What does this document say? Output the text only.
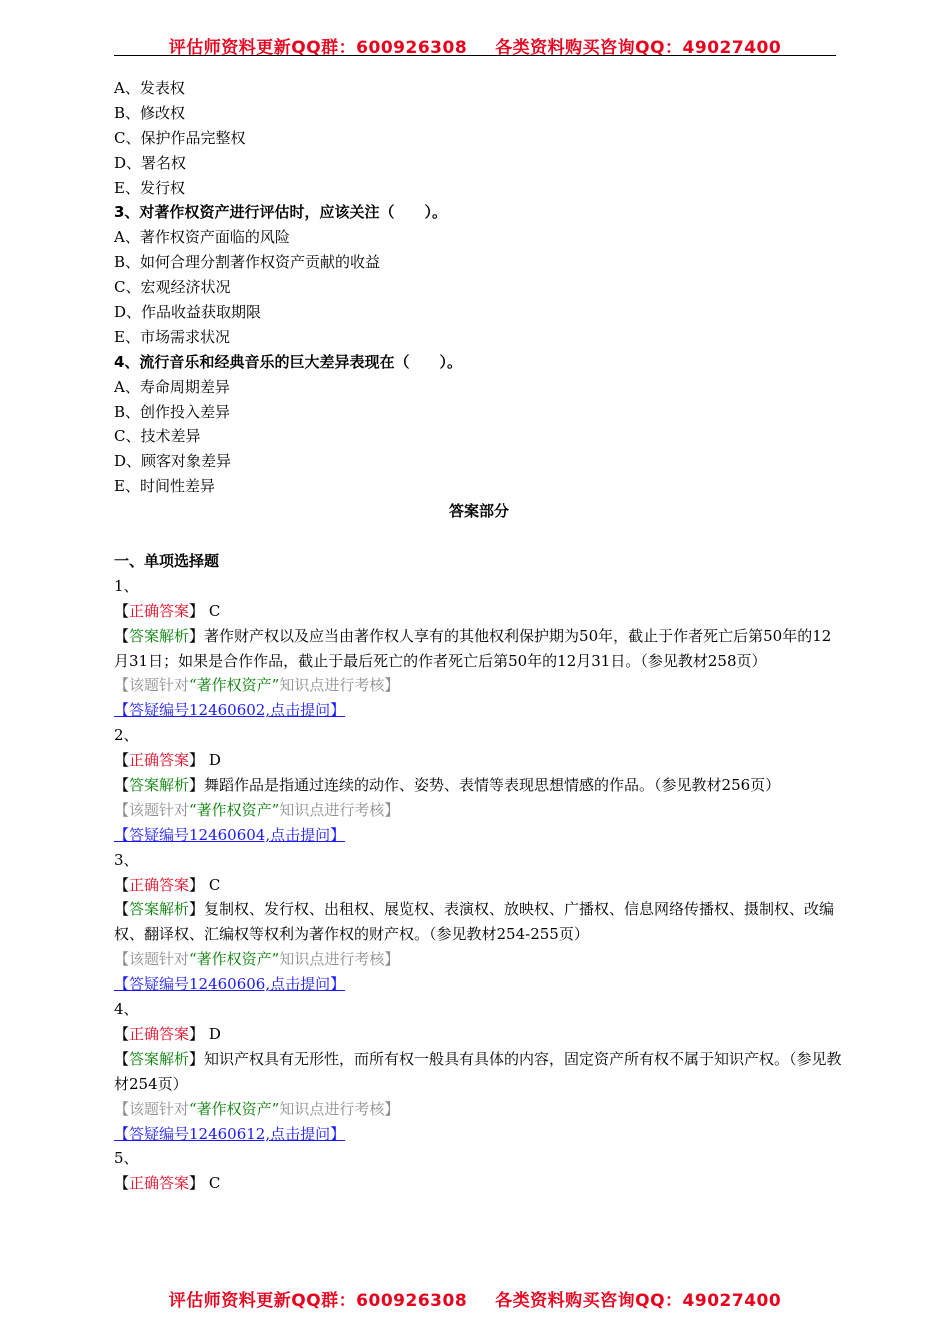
评估师资料更新QQ群：600926308 各类资料购买咨询QQ：49027400
A、发表权
B、修改权
C、保护作品完整权
D、署名权
E、发行权
3、对著作权资产进行评估时，应该关注（　　）。
A、著作权资产面临的风险
B、如何合理分割著作权资产贡献的收益
C、宏观经济状况
D、作品收益获取期限
E、市场需求状况
4、流行音乐和经典音乐的巨大差异表现在（　　）。
A、寿命周期差异
B、创作投入差异
C、技术差异
D、顾客对象差异
E、时间性差异
答案部分
一、单项选择题
1、
【正确答案】 C
【答案解析】著作财产权以及应当由著作权人享有的其他权利保护期为50年，截止于作者死亡后第50年的12月31日；如果是合作作品，截止于最后死亡的作者死亡后第50年的12月31日。（参见教材258页）
【该题针对“著作权资产”知识点进行考核】
【答疑编号12460602,点击提问】
2、
【正确答案】 D
【答案解析】舞蹈作品是指通过连续的动作、姿势、表情等表现思想情感的作品。（参见教材256页）
【该题针对“著作权资产”知识点进行考核】
【答疑编号12460604,点击提问】
3、
【正确答案】 C
【答案解析】复制权、发行权、出租权、展览权、表演权、放映权、广播权、信息网络传播权、摄制权、改编权、翻译权、汇编权等权利为著作权的财产权。（参见教材254-255页）
【该题针对“著作权资产”知识点进行考核】
【答疑编号12460606,点击提问】
4、
【正确答案】 D
【答案解析】知识产权具有无形性，而所有权一般具有具体的内容，固定资产所有权不属于知识产权。（参见教材254页）
【该题针对“著作权资产”知识点进行考核】
【答疑编号12460612,点击提问】
5、
【正确答案】 C
评估师资料更新QQ群：600926308 各类资料购买咨询QQ：49027400
